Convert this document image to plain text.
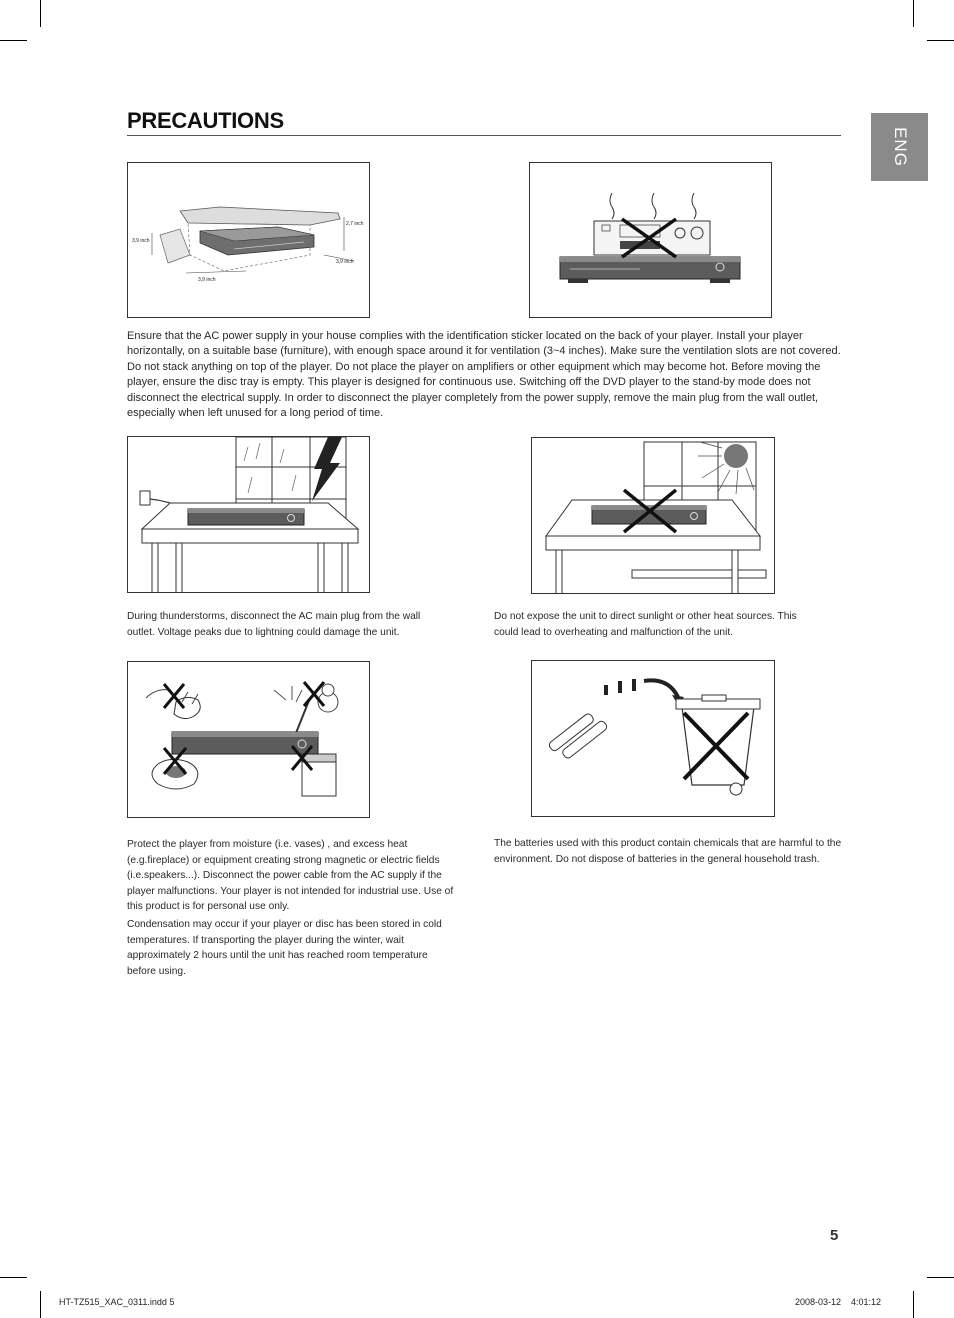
PRECAUTIONS
ENG
2,7 inch
3,9 inch
3,9 inch
3,9 inch
Ensure that the AC power supply in your house complies with the identification sticker located on the back of your player. Install your player horizontally, on a suitable base (furniture), with enough space around it for ventilation (3~4 inches). Make sure the ventilation slots are not covered. Do not stack anything on top of the player. Do not place the player on amplifiers or other equipment which may become hot. Before moving the player, ensure the disc tray is empty. This player is designed for continuous use. Switching off the DVD player to the stand-by mode does not disconnect the electrical supply. In order to disconnect the player completely from the power supply, remove the main plug from the wall outlet, especially when left unused for a long period of time.
During thunderstorms, disconnect the AC main plug from the wall outlet. Voltage peaks due to lightning could damage the unit.
Do not expose the unit to direct sunlight or other heat sources. This could lead to overheating and malfunction of the unit.
Protect the player from moisture (i.e. vases) , and excess heat (e.g.fireplace) or equipment creating strong magnetic or electric fields (i.e.speakers...). Disconnect the power cable from the AC supply if the player malfunctions. Your player is not intended for industrial use. Use of this product is for personal use only.
Condensation may occur if your player or disc has been stored in cold temperatures. If transporting the player during the winter, wait approximately 2 hours until the unit has reached room temperature before using.
The batteries used with this product contain chemicals that are harmful to the environment. Do not dispose of batteries in the general household trash.
5
HT-TZ515_XAC_0311.indd 5	2008-03-12    4:01:12
